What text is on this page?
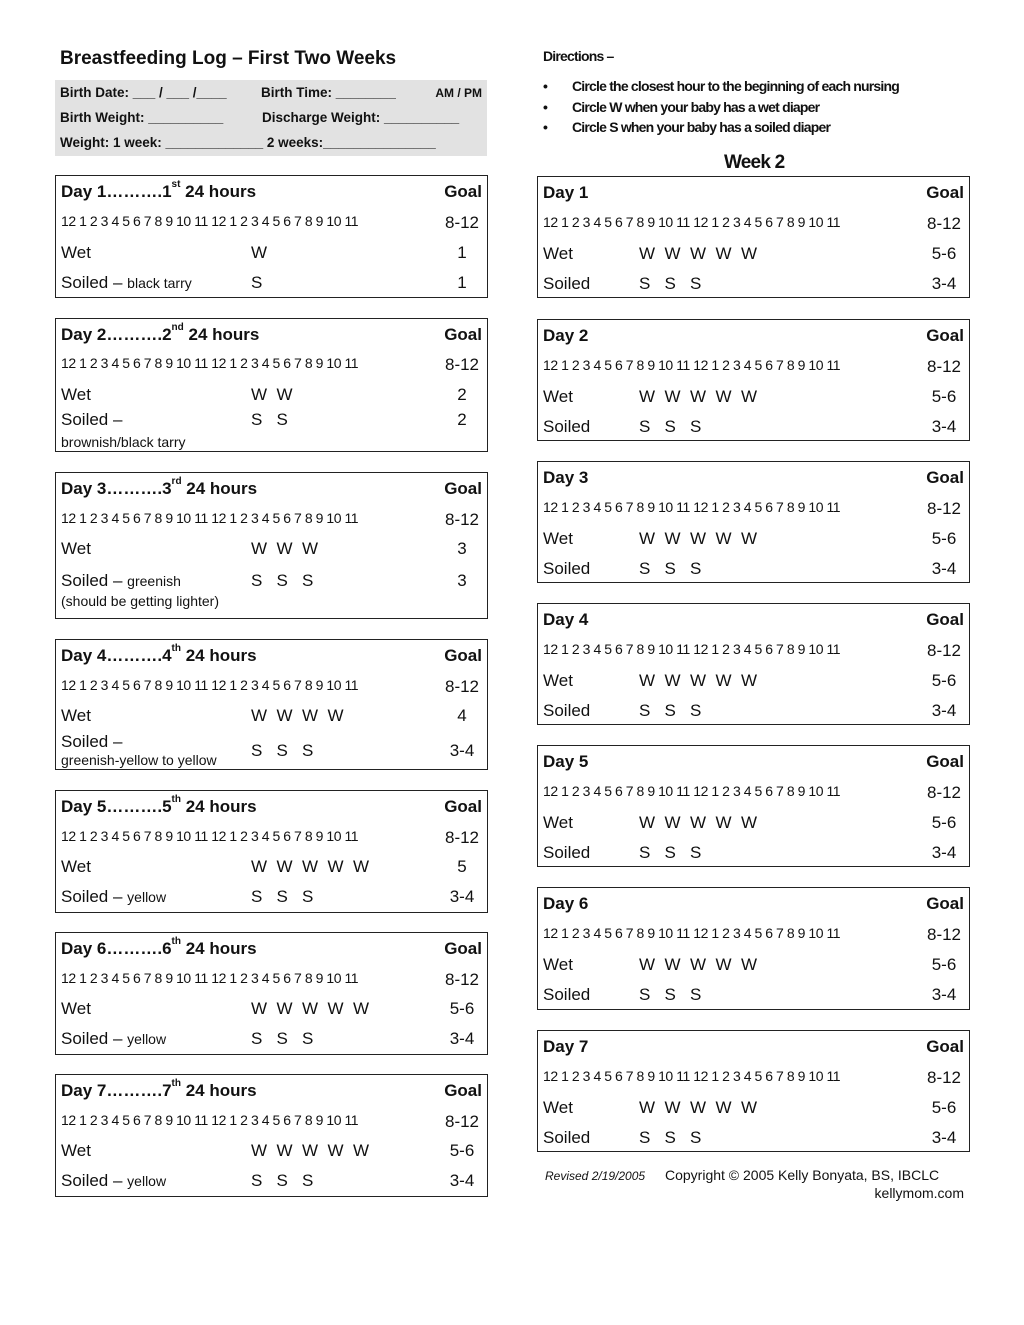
Breastfeeding Log – First Two Weeks
Birth Date: ___ / ___ /____	Birth Time: ________	AM / PM
Birth Weight: __________	Discharge Weight: __________
Weight: 1 week: _____________ 2 weeks:_______________
Directions –
• Circle the closest hour to the beginning of each nursing
• Circle W when your baby has a wet diaper
• Circle S when your baby has a soiled diaper
Week 2
Day 1……….1st 24 hours	Goal
12 1 2 3 4 5 6 7 8 9 10 11 12 1 2 3 4 5 6 7 8 9 10 11	8-12
Wet	W	1
Soiled – black tarry	S	1
Day 2……….2nd 24 hours	Goal
12 1 2 3 4 5 6 7 8 9 10 11 12 1 2 3 4 5 6 7 8 9 10 11	8-12
Wet	W  W	2
Soiled –	S   S	2
brownish/black tarry
Day 3……….3rd 24 hours	Goal
12 1 2 3 4 5 6 7 8 9 10 11 12 1 2 3 4 5 6 7 8 9 10 11	8-12
Wet	W  W  W	3
Soiled – greenish	S   S   S	3
(should be getting lighter)
Day 4……….4th 24 hours	Goal
12 1 2 3 4 5 6 7 8 9 10 11 12 1 2 3 4 5 6 7 8 9 10 11	8-12
Wet	W  W  W  W	4
Soiled –	S   S   S	3-4
greenish-yellow to yellow
Day 5……….5th 24 hours	Goal
12 1 2 3 4 5 6 7 8 9 10 11 12 1 2 3 4 5 6 7 8 9 10 11	8-12
Wet	W  W  W  W  W	5
Soiled – yellow	S   S   S	3-4
Day 6……….6th 24 hours	Goal
12 1 2 3 4 5 6 7 8 9 10 11 12 1 2 3 4 5 6 7 8 9 10 11	8-12
Wet	W  W  W  W  W	5-6
Soiled – yellow	S   S   S	3-4
Day 7……….7th 24 hours	Goal
12 1 2 3 4 5 6 7 8 9 10 11 12 1 2 3 4 5 6 7 8 9 10 11	8-12
Wet	W  W  W  W  W	5-6
Soiled – yellow	S   S   S	3-4
Day 1	Goal
12 1 2 3 4 5 6 7 8 9 10 11 12 1 2 3 4 5 6 7 8 9 10 11	8-12
Wet	W  W  W  W  W	5-6
Soiled	S   S   S	3-4
Day 2	Goal
12 1 2 3 4 5 6 7 8 9 10 11 12 1 2 3 4 5 6 7 8 9 10 11	8-12
Wet	W  W  W  W  W	5-6
Soiled	S   S   S	3-4
Day 3	Goal
12 1 2 3 4 5 6 7 8 9 10 11 12 1 2 3 4 5 6 7 8 9 10 11	8-12
Wet	W  W  W  W  W	5-6
Soiled	S   S   S	3-4
Day 4	Goal
12 1 2 3 4 5 6 7 8 9 10 11 12 1 2 3 4 5 6 7 8 9 10 11	8-12
Wet	W  W  W  W  W	5-6
Soiled	S   S   S	3-4
Day 5	Goal
12 1 2 3 4 5 6 7 8 9 10 11 12 1 2 3 4 5 6 7 8 9 10 11	8-12
Wet	W  W  W  W  W	5-6
Soiled	S   S   S	3-4
Day 6	Goal
12 1 2 3 4 5 6 7 8 9 10 11 12 1 2 3 4 5 6 7 8 9 10 11	8-12
Wet	W  W  W  W  W	5-6
Soiled	S   S   S	3-4
Day 7	Goal
12 1 2 3 4 5 6 7 8 9 10 11 12 1 2 3 4 5 6 7 8 9 10 11	8-12
Wet	W  W  W  W  W	5-6
Soiled	S   S   S	3-4
Revised 2/19/2005 Copyright © 2005 Kelly Bonyata, BS, IBCLC
kellymom.com
